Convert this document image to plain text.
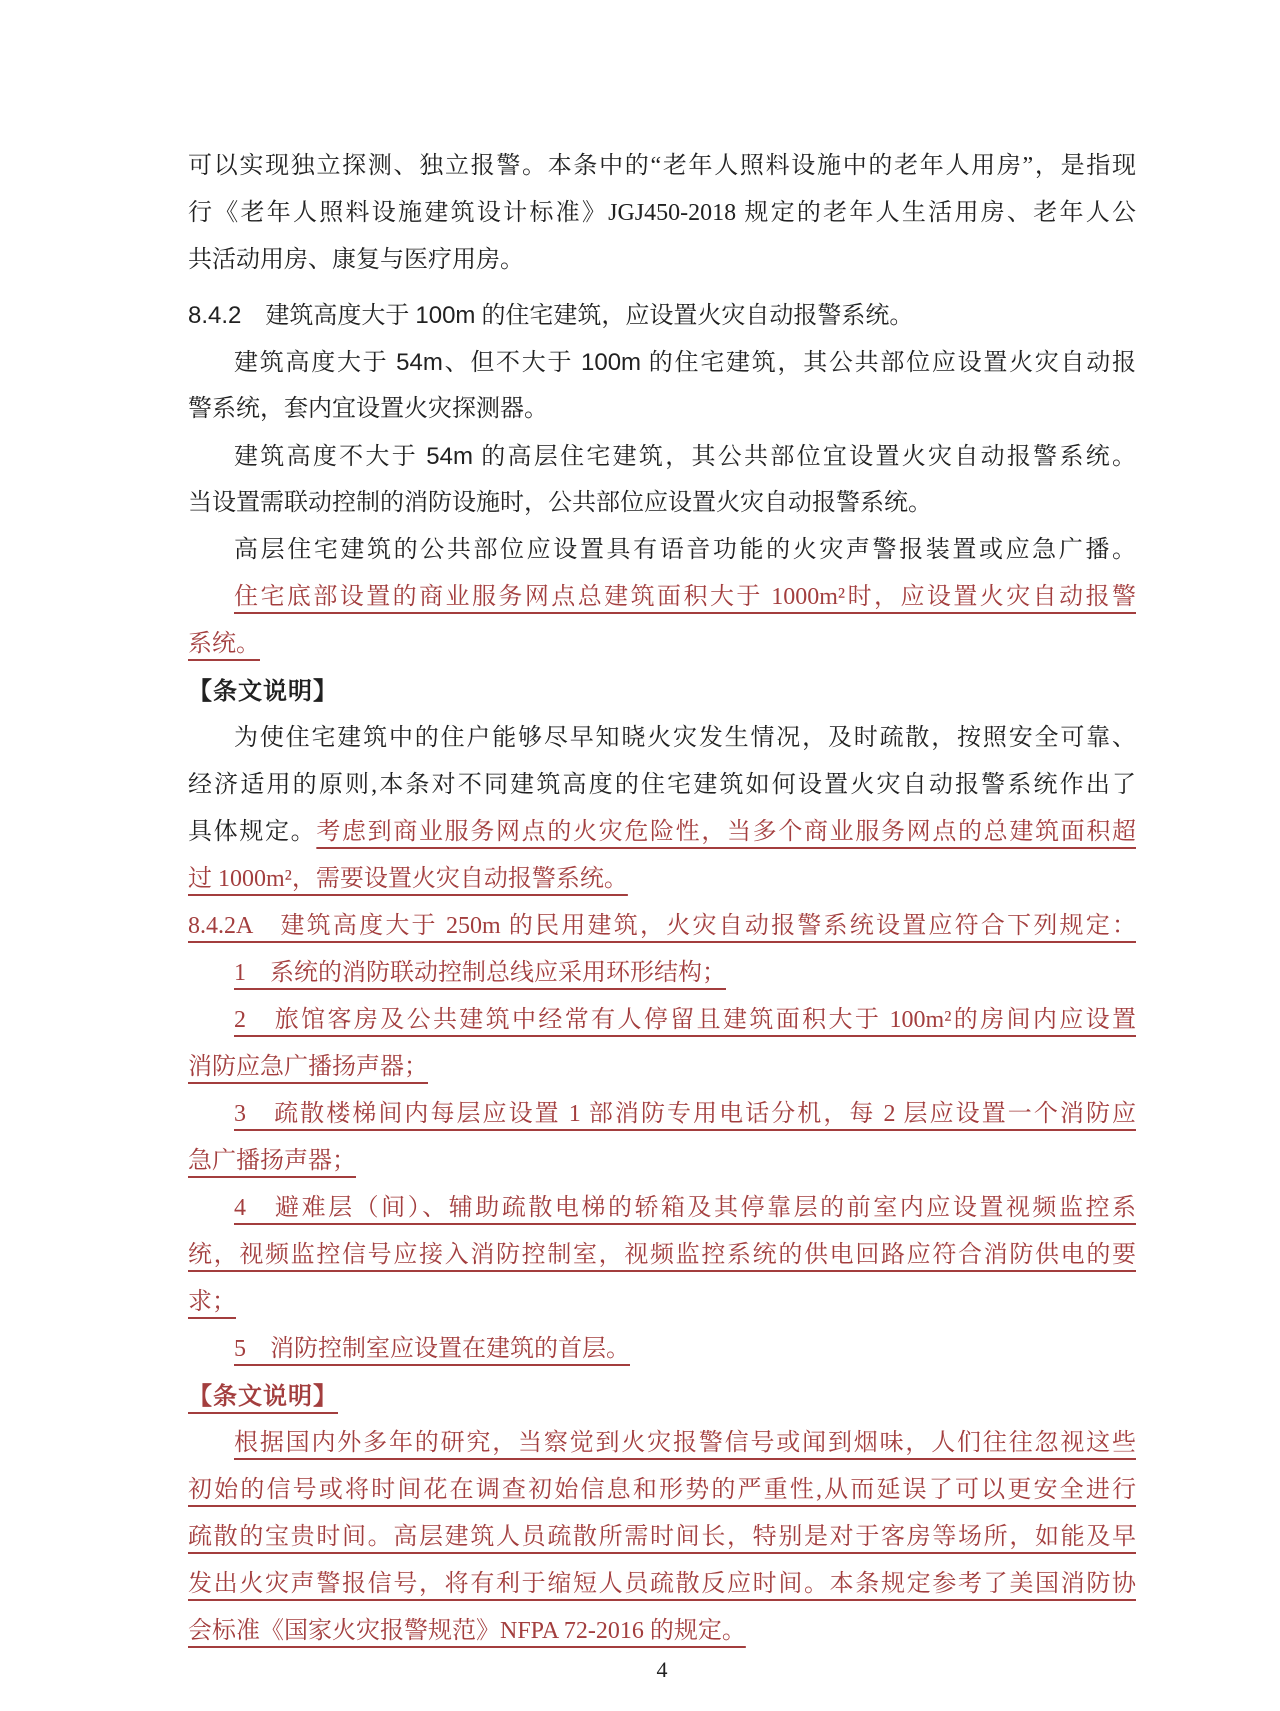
可以实现独立探测、独立报警。本条中的“老年人照料设施中的老年人用房”，是指现
行《老年人照料设施建筑设计标准》JGJ450-2018 规定的老年人生活用房、老年人公
共活动用房、康复与医疗用房。
8.4.2　建筑高度大于 100m 的住宅建筑，应设置火灾自动报警系统。
建筑高度大于 54m、但不大于 100m 的住宅建筑，其公共部位应设置火灾自动报
警系统，套内宜设置火灾探测器。
建筑高度不大于 54m 的高层住宅建筑，其公共部位宜设置火灾自动报警系统。
当设置需联动控制的消防设施时，公共部位应设置火灾自动报警系统。
高层住宅建筑的公共部位应设置具有语音功能的火灾声警报装置或应急广播。
住宅底部设置的商业服务网点总建筑面积大于 1000m²时，应设置火灾自动报警
系统。
【条文说明】
为使住宅建筑中的住户能够尽早知晓火灾发生情况，及时疏散，按照安全可靠、
经济适用的原则,本条对不同建筑高度的住宅建筑如何设置火灾自动报警系统作出了
具体规定。考虑到商业服务网点的火灾危险性，当多个商业服务网点的总建筑面积超
过 1000m²，需要设置火灾自动报警系统。
8.4.2A　建筑高度大于 250m 的民用建筑，火灾自动报警系统设置应符合下列规定：
1　系统的消防联动控制总线应采用环形结构；
2　旅馆客房及公共建筑中经常有人停留且建筑面积大于 100m²的房间内应设置
消防应急广播扬声器；
3　疏散楼梯间内每层应设置 1 部消防专用电话分机，每 2 层应设置一个消防应
急广播扬声器；
4　避难层（间）、辅助疏散电梯的轿箱及其停靠层的前室内应设置视频监控系
统，视频监控信号应接入消防控制室，视频监控系统的供电回路应符合消防供电的要
求；
5　消防控制室应设置在建筑的首层。
【条文说明】
根据国内外多年的研究，当察觉到火灾报警信号或闻到烟味，人们往往忽视这些
初始的信号或将时间花在调查初始信息和形势的严重性,从而延误了可以更安全进行
疏散的宝贵时间。高层建筑人员疏散所需时间长，特别是对于客房等场所，如能及早
发出火灾声警报信号，将有利于缩短人员疏散反应时间。本条规定参考了美国消防协
会标准《国家火灾报警规范》NFPA 72-2016 的规定。
4
